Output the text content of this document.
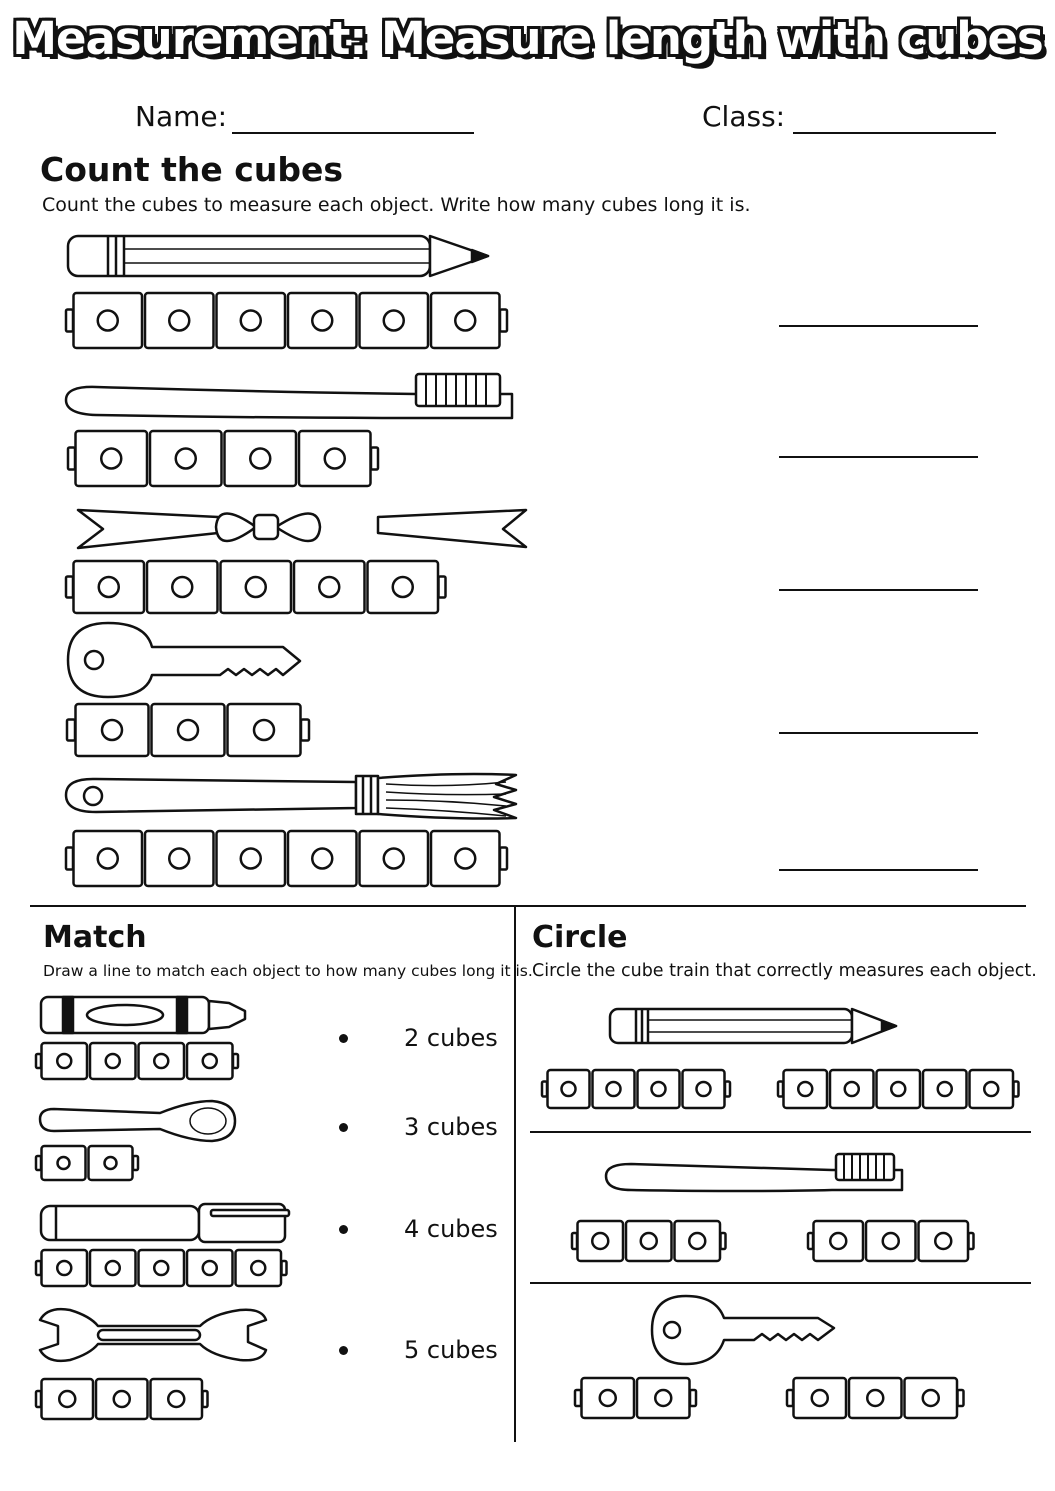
Measurement: Measure length with cubes
Name:	Class:
Count the cubes

Count the cubes to measure each object. Write how many cubes long it is.

Match

Draw a line to match each object to how many cubes long it is.

2 cubes
3 cubes
4 cubes
5 cubes
Circle

Circle the cube train that correctly measures each object.
